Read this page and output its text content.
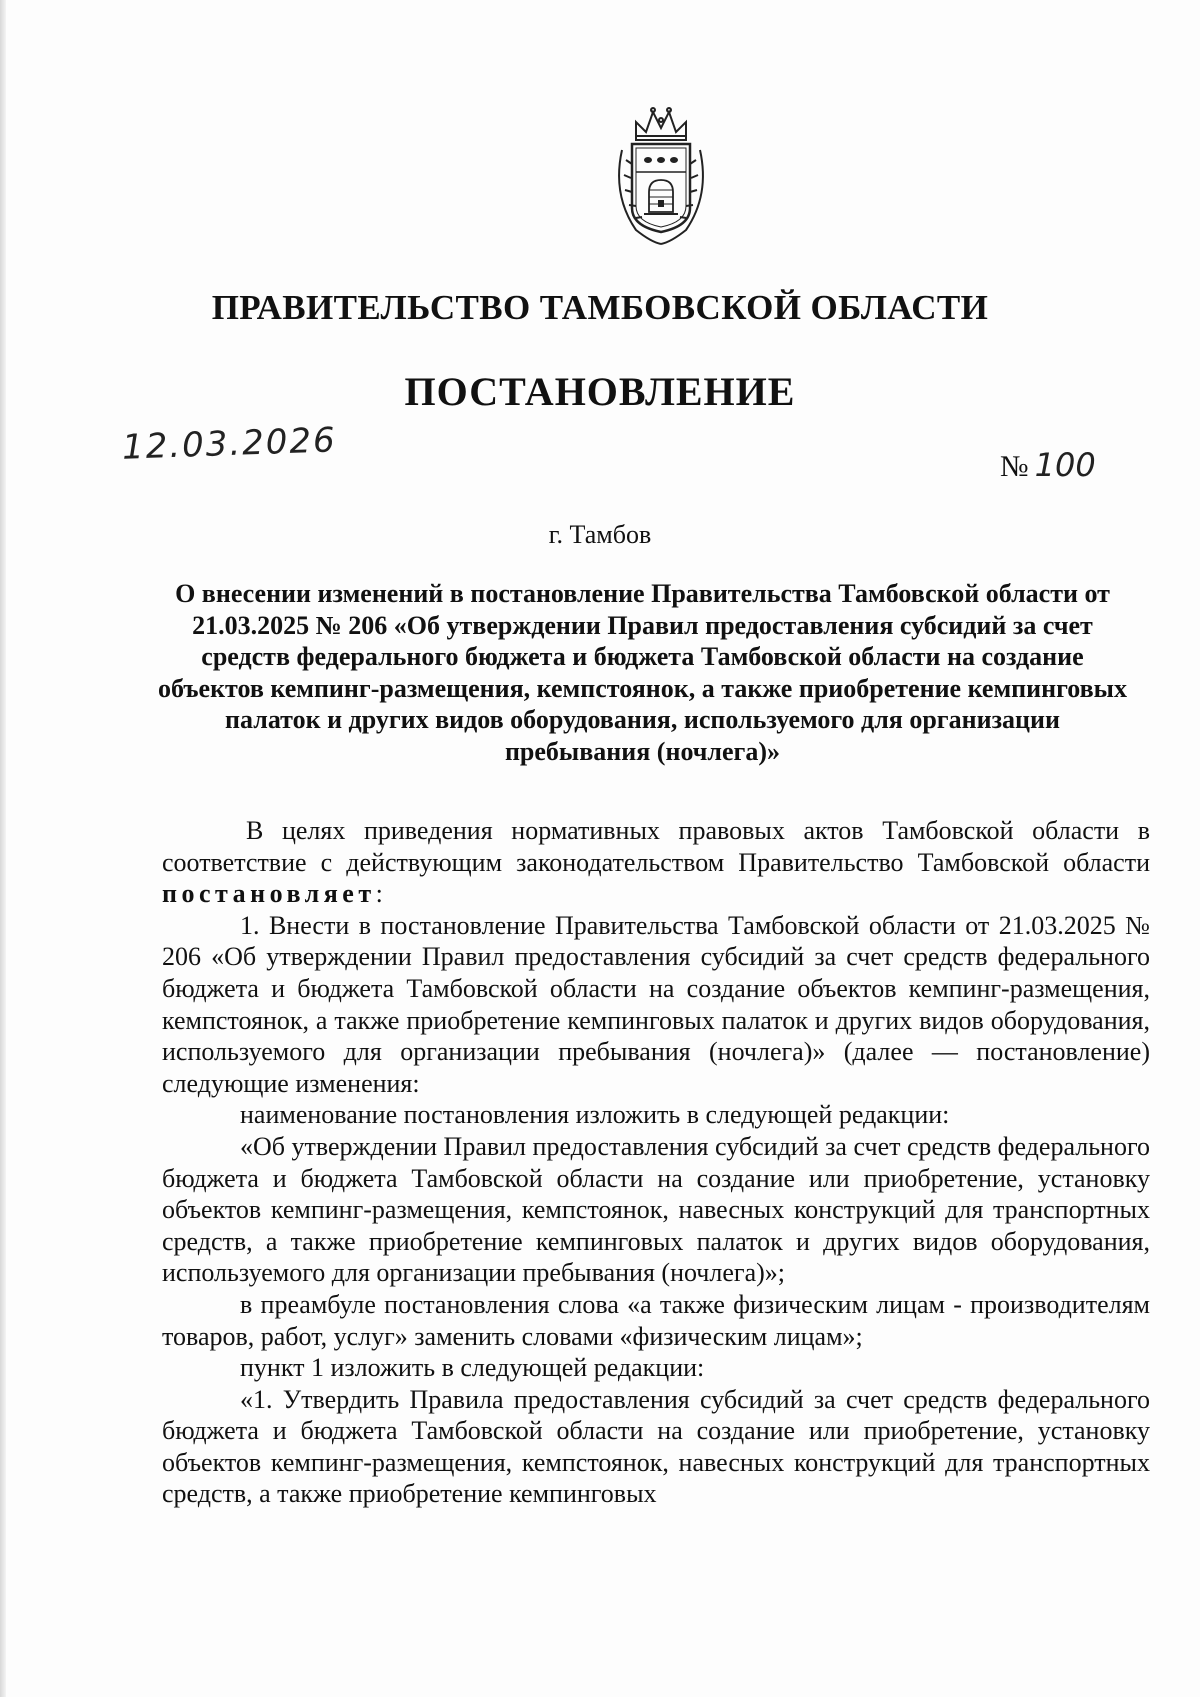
ПРАВИТЕЛЬСТВО ТАМБОВСКОЙ ОБЛАСТИ
ПОСТАНОВЛЕНИЕ
12.03.2026	№ 100
г. Тамбов
О внесении изменений в постановление Правительства Тамбовской области от 21.03.2025 № 206 «Об утверждении Правил предоставления субсидий за счет средств федерального бюджета и бюджета Тамбовской области на создание объектов кемпинг-размещения, кемпстоянок, а также приобретение кемпинговых палаток и других видов оборудования, используемого для организации пребывания (ночлега)»

В целях приведения нормативных правовых актов Тамбовской области в соответствие с действующим законодательством Правительство Тамбовской области постановляет:

1. Внести в постановление Правительства Тамбовской области от 21.03.2025 № 206 «Об утверждении Правил предоставления субсидий за счет средств федерального бюджета и бюджета Тамбовской области на создание объектов кемпинг-размещения, кемпстоянок, а также приобретение кемпинговых палаток и других видов оборудования, используемого для организации пребывания (ночлега)» (далее — постановление) следующие изменения:

наименование постановления изложить в следующей редакции:

«Об утверждении Правил предоставления субсидий за счет средств федерального бюджета и бюджета Тамбовской области на создание или приобретение, установку объектов кемпинг-размещения, кемпстоянок, навесных конструкций для транспортных средств, а также приобретение кемпинговых палаток и других видов оборудования, используемого для организации пребывания (ночлега)»;

в преамбуле постановления слова «а также физическим лицам - производителям товаров, работ, услуг» заменить словами «физическим лицам»;

пункт 1 изложить в следующей редакции:

«1. Утвердить Правила предоставления субсидий за счет средств федерального бюджета и бюджета Тамбовской области на создание или приобретение, установку объектов кемпинг-размещения, кемпстоянок, навесных конструкций для транспортных средств, а также приобретение кемпинговых
